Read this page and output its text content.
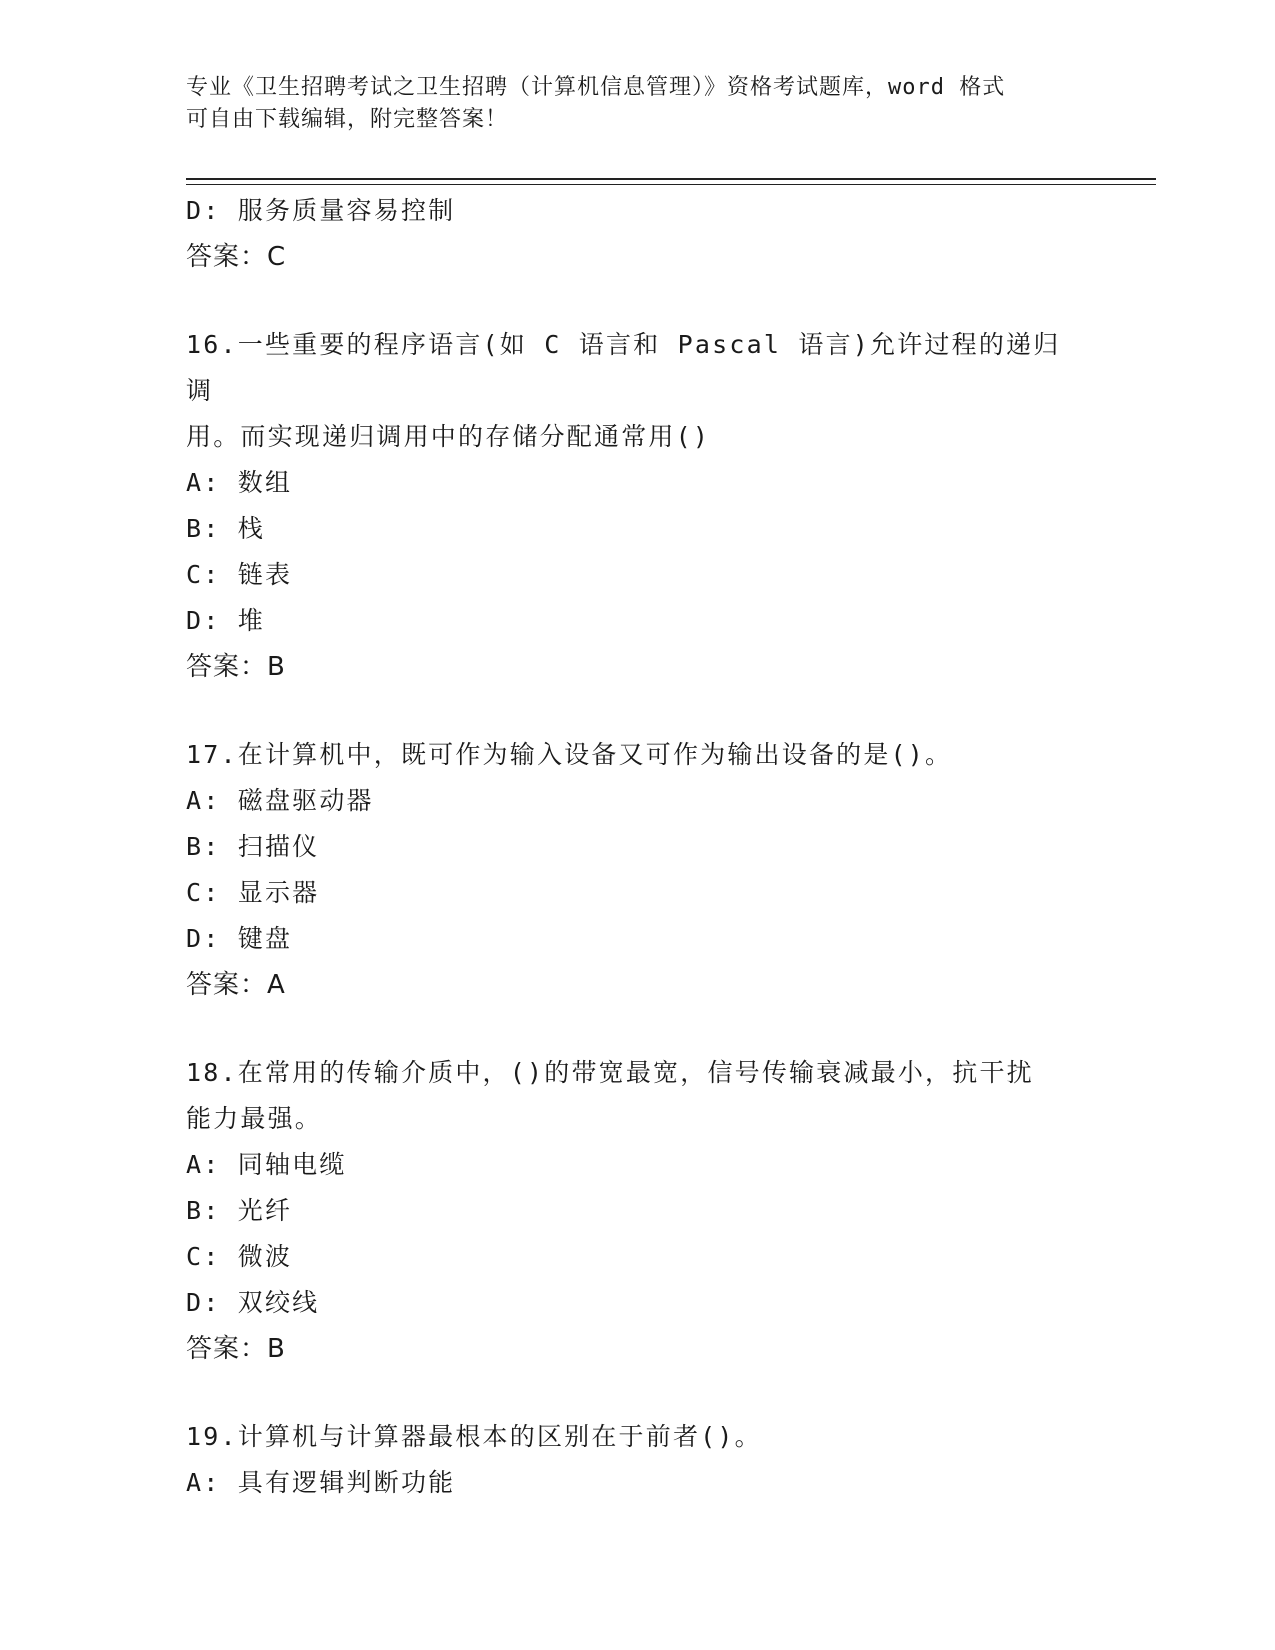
专业《卫生招聘考试之卫生招聘（计算机信息管理）》资格考试题库，word 格式
可自由下载编辑，附完整答案！
D: 服务质量容易控制
答案：C
16.一些重要的程序语言(如 C 语言和 Pascal 语言)允许过程的递归调
用。而实现递归调用中的存储分配通常用()
A: 数组
B: 栈
C: 链表
D: 堆
答案：B
17.在计算机中，既可作为输入设备又可作为输出设备的是()。
A: 磁盘驱动器
B: 扫描仪
C: 显示器
D: 键盘
答案：A
18.在常用的传输介质中，()的带宽最宽，信号传输衰减最小，抗干扰
能力最强。
A: 同轴电缆
B: 光纤
C: 微波
D: 双绞线
答案：B
19.计算机与计算器最根本的区别在于前者()。
A: 具有逻辑判断功能
